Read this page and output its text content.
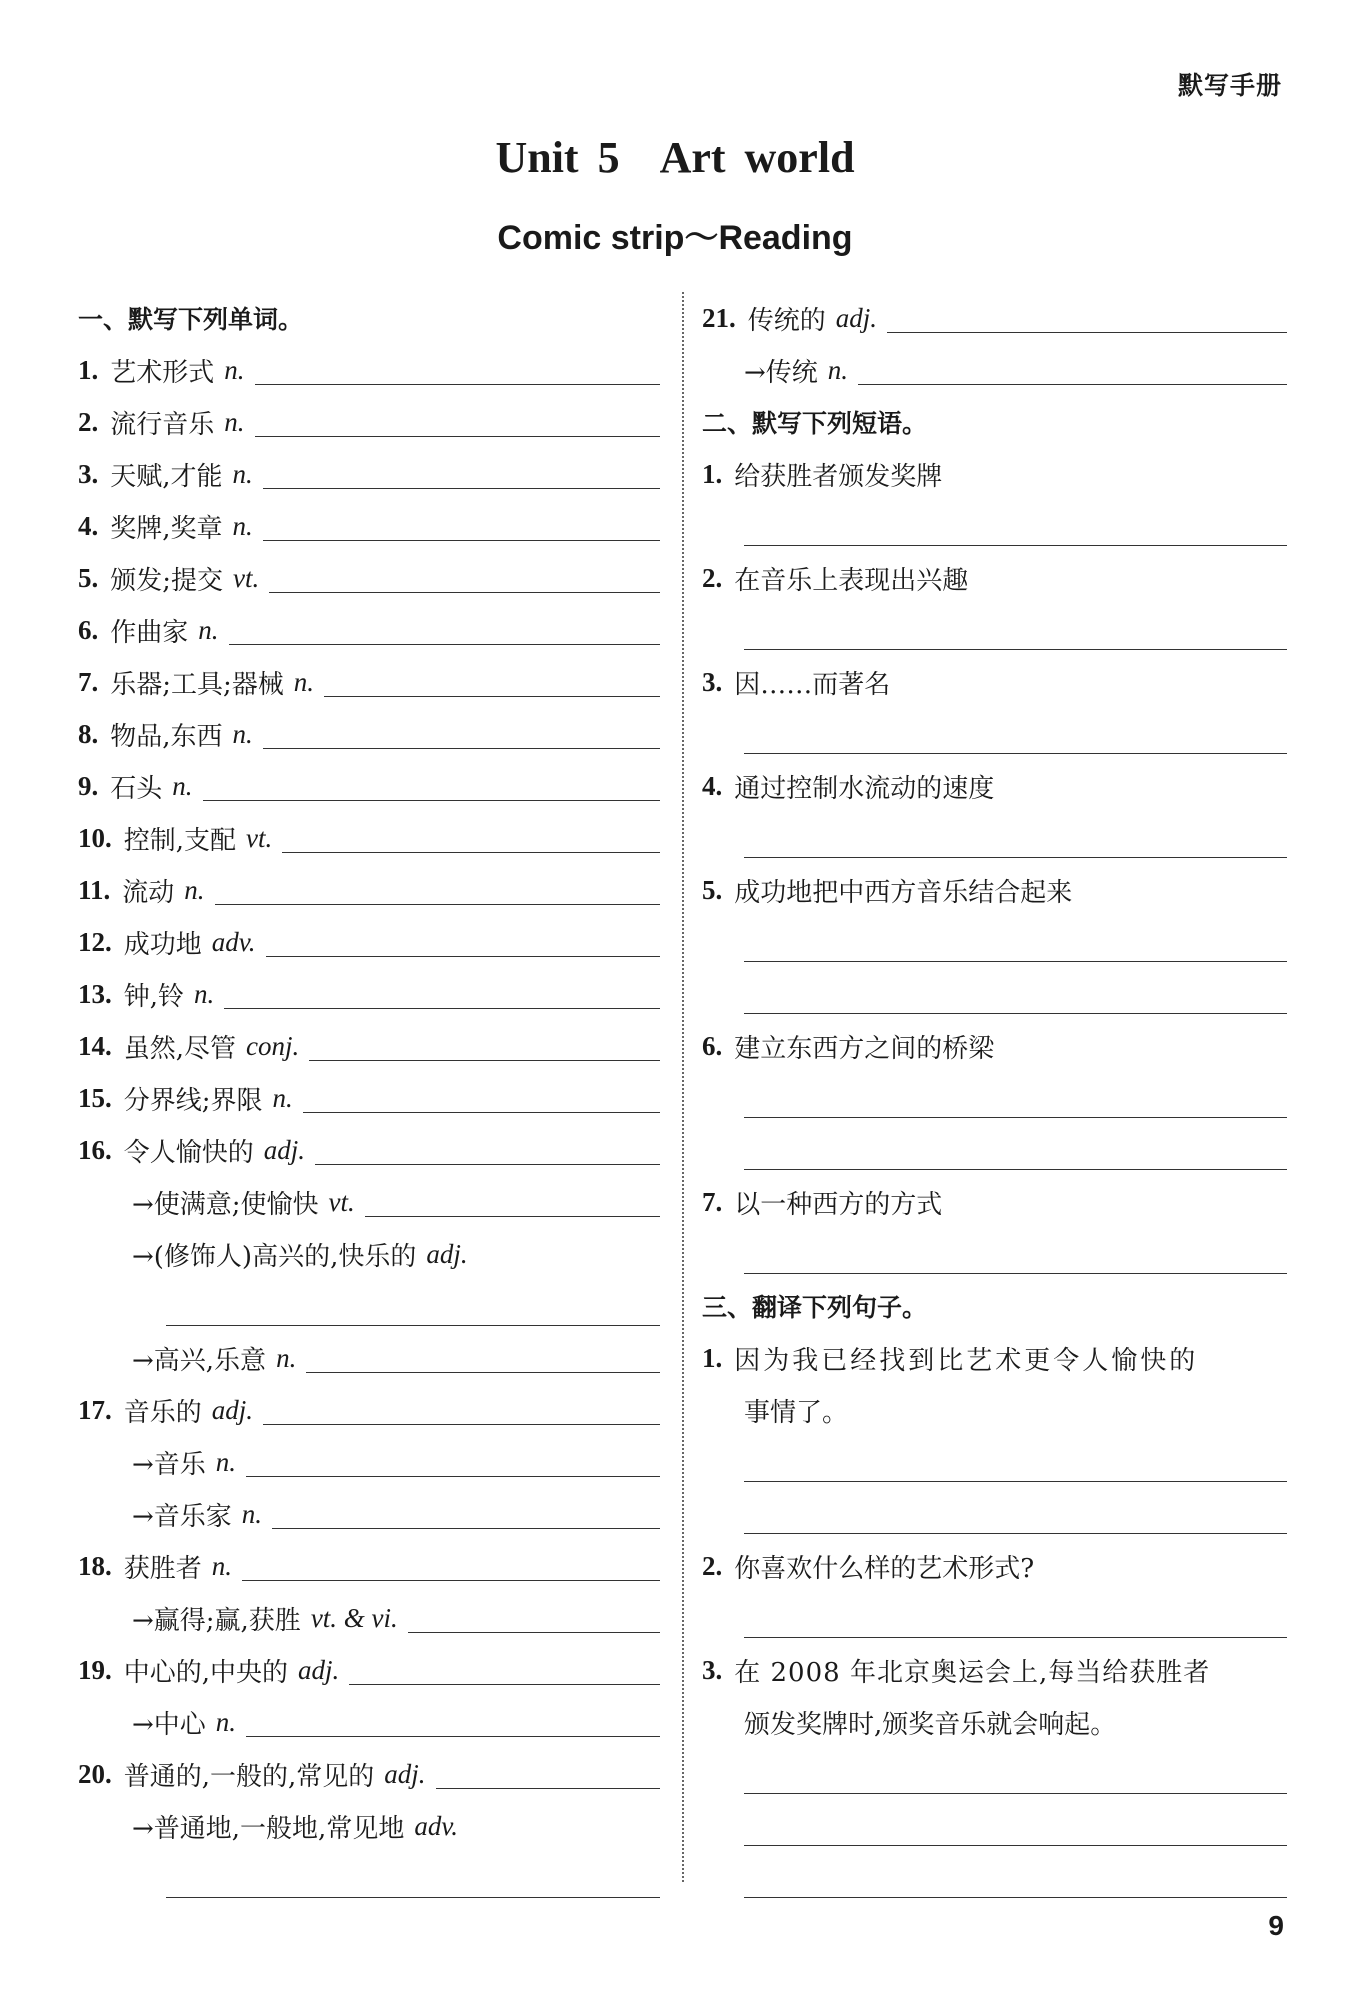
默写手册
Unit 5 Art world
Comic strip～Reading
一、默写下列单词。
1. 艺术形式 n.
2. 流行音乐 n.
3. 天赋,才能 n.
4. 奖牌,奖章 n.
5. 颁发;提交 vt.
6. 作曲家 n.
7. 乐器;工具;器械 n.
8. 物品,东西 n.
9. 石头 n.
10. 控制,支配 vt.
11. 流动 n.
12. 成功地 adv.
13. 钟,铃 n.
14. 虽然,尽管 conj.
15. 分界线;界限 n.
16. 令人愉快的 adj.
→使满意;使愉快 vt.
→(修饰人)高兴的,快乐的 adj.
→高兴,乐意 n.
17. 音乐的 adj.
→音乐 n.
→音乐家 n.
18. 获胜者 n.
→赢得;赢,获胜 vt. & vi.
19. 中心的,中央的 adj.
→中心 n.
20. 普通的,一般的,常见的 adj.
→普通地,一般地,常见地 adv.
21. 传统的 adj.
→传统 n.
二、默写下列短语。
1. 给获胜者颁发奖牌
2. 在音乐上表现出兴趣
3. 因……而著名
4. 通过控制水流动的速度
5. 成功地把中西方音乐结合起来
6. 建立东西方之间的桥梁
7. 以一种西方的方式
三、翻译下列句子。
1. 因为我已经找到比艺术更令人愉快的
事情了。
2. 你喜欢什么样的艺术形式?
3. 在 2008 年北京奥运会上,每当给获胜者
颁发奖牌时,颁奖音乐就会响起。
9
